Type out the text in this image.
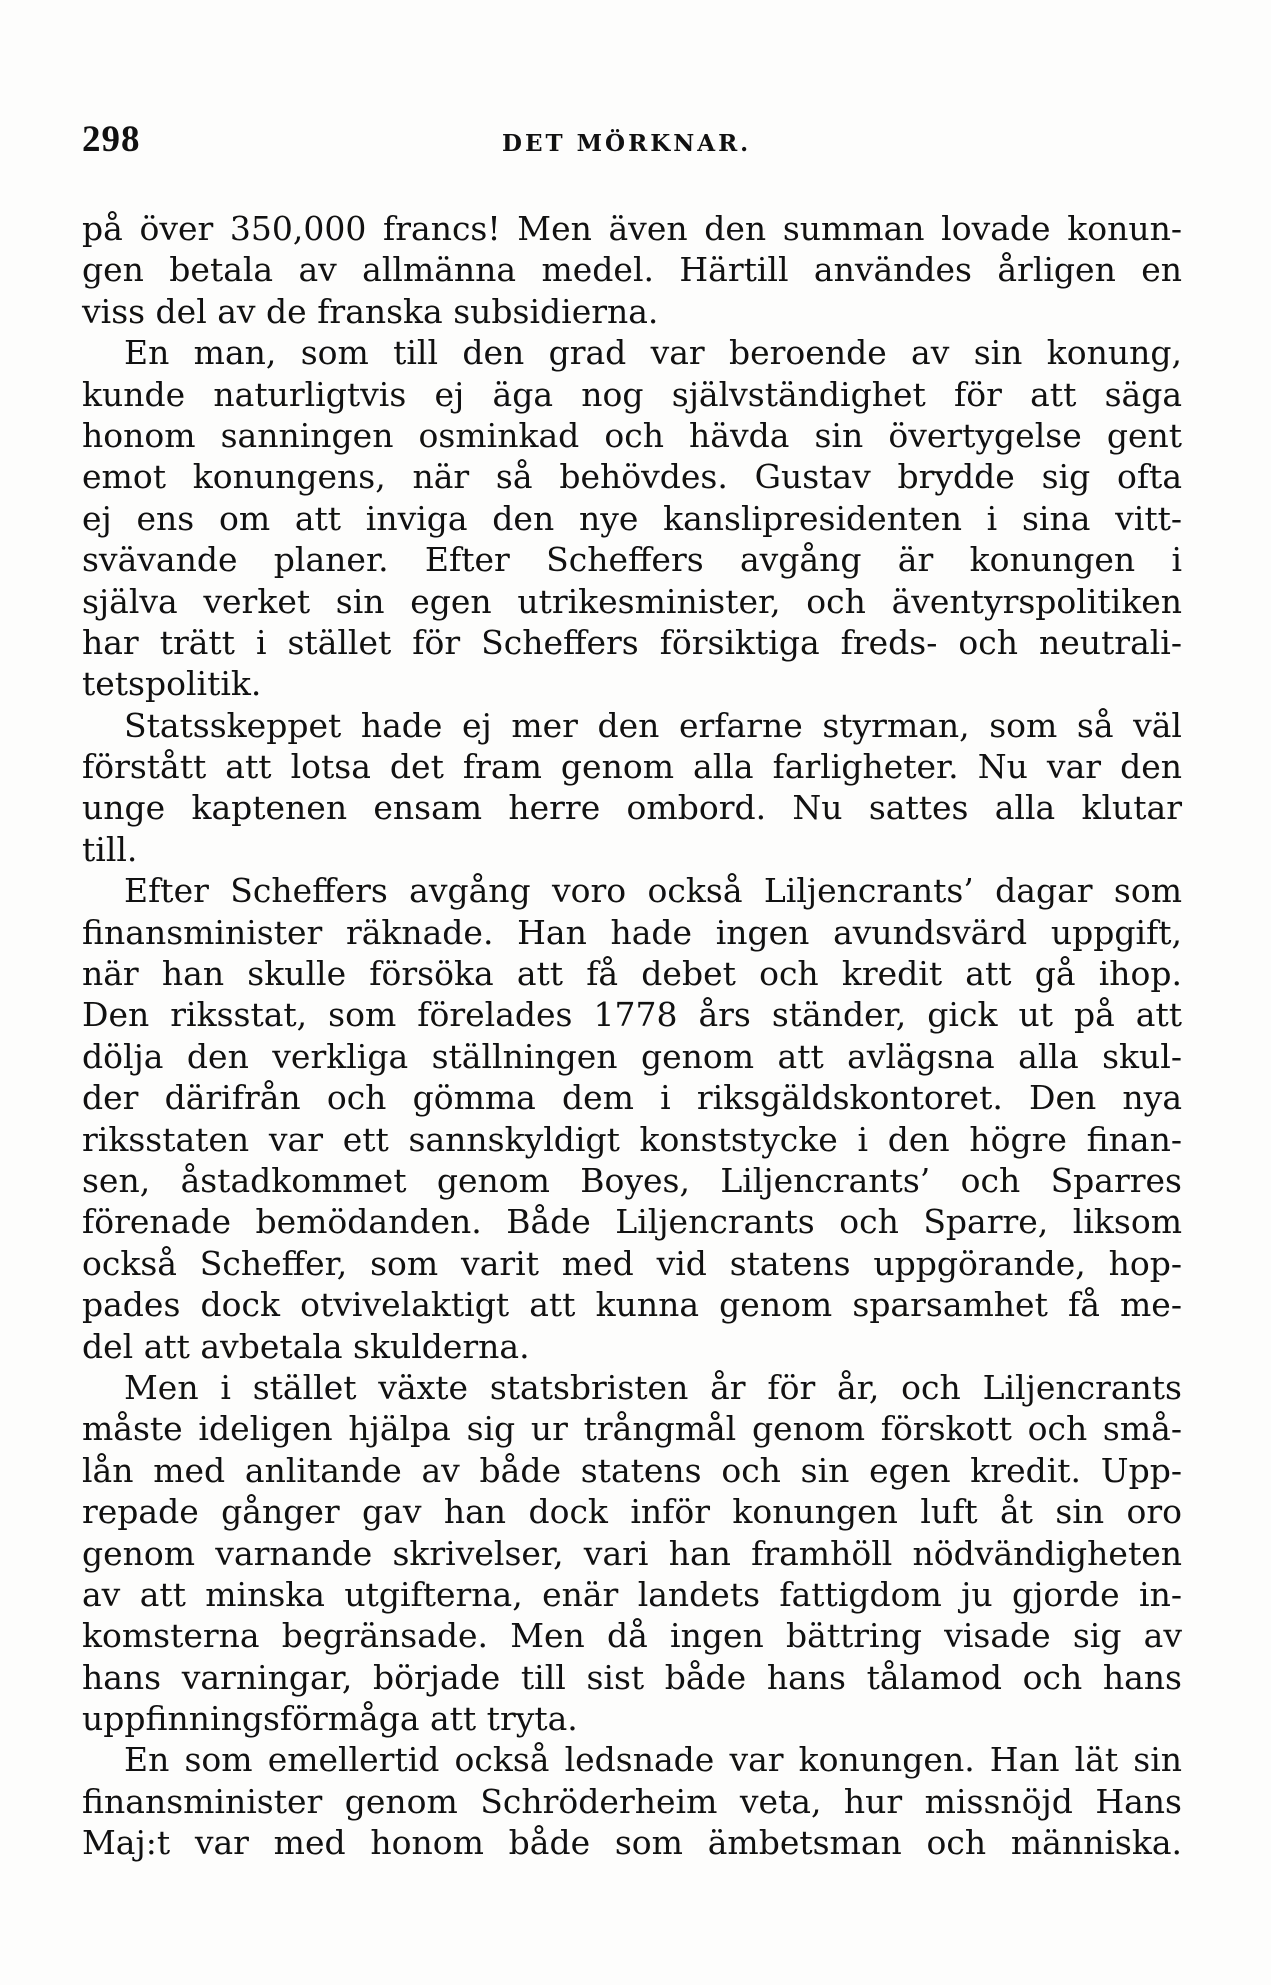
298	DET MÖRKNAR.
på över 350,000 francs! Men även den summan lovade konun-
gen betala av allmänna medel. Härtill användes årligen en
viss del av de franska subsidierna.
En man, som till den grad var beroende av sin konung,
kunde naturligtvis ej äga nog självständighet för att säga
honom sanningen osminkad och hävda sin övertygelse gent
emot konungens, när så behövdes. Gustav brydde sig ofta
ej ens om att inviga den nye kanslipresidenten i sina vitt-
svävande planer. Efter Scheffers avgång är konungen i
själva verket sin egen utrikesminister, och äventyrspolitiken
har trätt i stället för Scheffers försiktiga freds- och neutrali-
tetspolitik.
Statsskeppet hade ej mer den erfarne styrman, som så väl
förstått att lotsa det fram genom alla farligheter. Nu var den
unge kaptenen ensam herre ombord. Nu sattes alla klutar
till.
Efter Scheffers avgång voro också Liljencrants’ dagar som
finansminister räknade. Han hade ingen avundsvärd uppgift,
när han skulle försöka att få debet och kredit att gå ihop.
Den riksstat, som förelades 1778 års ständer, gick ut på att
dölja den verkliga ställningen genom att avlägsna alla skul-
der därifrån och gömma dem i riksgäldskontoret. Den nya
riksstaten var ett sannskyldigt konststycke i den högre finan-
sen, åstadkommet genom Boyes, Liljencrants’ och Sparres
förenade bemödanden. Både Liljencrants och Sparre, liksom
också Scheffer, som varit med vid statens uppgörande, hop-
pades dock otvivelaktigt att kunna genom sparsamhet få me-
del att avbetala skulderna.
Men i stället växte statsbristen år för år, och Liljencrants
måste ideligen hjälpa sig ur trångmål genom förskott och små-
lån med anlitande av både statens och sin egen kredit. Upp-
repade gånger gav han dock inför konungen luft åt sin oro
genom varnande skrivelser, vari han framhöll nödvändigheten
av att minska utgifterna, enär landets fattigdom ju gjorde in-
komsterna begränsade. Men då ingen bättring visade sig av
hans varningar, började till sist både hans tålamod och hans
uppfinningsförmåga att tryta.
En som emellertid också ledsnade var konungen. Han lät sin
finansminister genom Schröderheim veta, hur missnöjd Hans
Maj:t var med honom både som ämbetsman och människa.
